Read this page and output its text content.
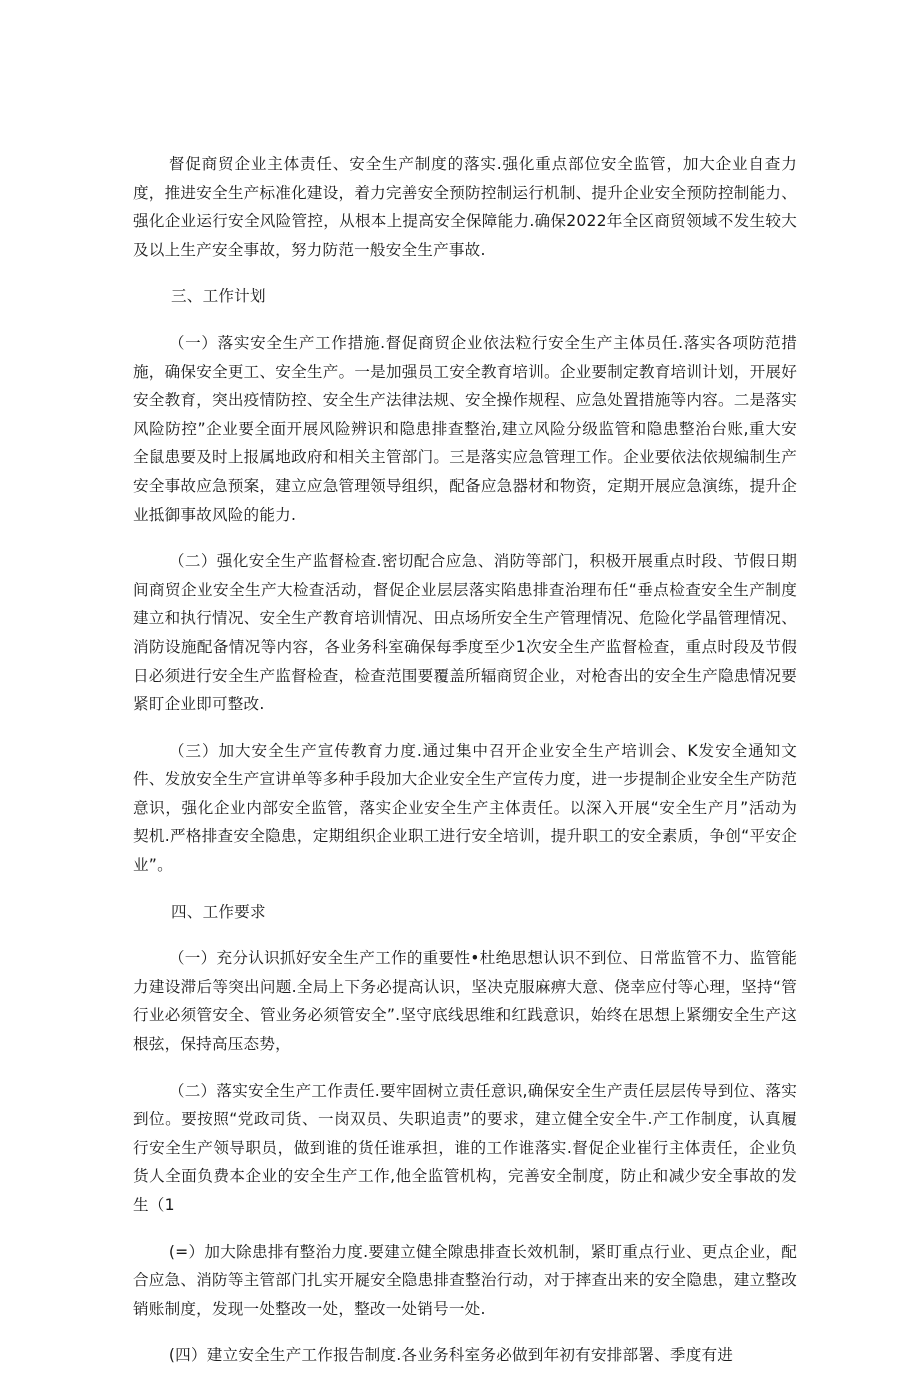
督促商贸企业主体责任、安全生产制度的落实.强化重点部位安全监管，加大企业自查力度，推进安全生产标准化建设，着力完善安全预防控制运行机制、提升企业安全预防控制能力、强化企业运行安全风险管控，从根本上提高安全保障能力.确保2022年全区商贸领域不发生较大及以上生产安全事故，努力防范一般安全生产事故.

三、工作计划

（一）落实安全生产工作措施.督促商贸企业依法粒行安全生产主体员任.落实各项防范措施，确保安全更工、安全生产。一是加强员工安全教育培训。企业要制定教育培训计划，开展好安全教育，突出疫情防控、安全生产法律法规、安全操作规程、应急处置措施等内容。二是落实风险防控”企业要全面开展风险辨识和隐患排查整治,建立风险分级监管和隐患整治台账,重大安全鼠患要及时上报属地政府和相关主管部门。三是落实应急管理工作。企业要依法依规编制生产安全事故应急预案，建立应急管理领导组织，配备应急器材和物资，定期开展应急演练，提升企业抵御事故风险的能力.

（二）强化安全生产监督检查.密切配合应急、消防等部门，积极开展重点时段、节假日期间商贸企业安全生产大检查活动，督促企业层层落实陷患排查治理布任“垂点检查安全生产制度建立和执行情况、安全生产教育培训情况、田点场所安全生产管理情况、危险化学晶管理情况、消防设施配备情况等内容，各业务科室确保每季度至少1次安全生产监督检查，重点时段及节假日必须进行安全生产监督检查，检查范围要覆盖所辐商贸企业，对枪杳出的安全生产隐患情况要紧盯企业即可整改.

（三）加大安全生产宣传教育力度.通过集中召开企业安全生产培训会、K发安全通知文件、发放安全生产宣讲单等多种手段加大企业安全生产宣传力度，进一步提制企业安全生产防范意识，强化企业内部安全监管，落实企业安全生产主体责任。以深入开展“安全生产月”活动为契机.严格排查安全隐患，定期组织企业职工进行安全培训，提升职工的安全素质，争创“平安企业”。

四、工作要求

（一）充分认识抓好安全生产工作的重要性•杜绝思想认识不到位、日常监管不力、监管能力建设滞后等突出问题.全局上下务必提高认识，坚决克服麻痹大意、侥幸应付等心理，坚持“管行业必须管安全、管业务必须管安全”.坚守底线思维和红践意识，始终在思想上紧绷安全生产这根弦，保持高压态势，

（二）落实安全生产工作责任.要牢固树立责任意识,确保安全生产责任层层传导到位、落实到位。要按照“党政司货、一岗双员、失职追责”的要求，建立健全安全牛.产工作制度，认真履行安全生产领导职员，做到谁的货任谁承担，谁的工作谁落实.督促企业崔行主体责任，企业负货人全面负费本企业的安全生产工作,他全监管机构，完善安全制度，防止和减少安全事故的发生（1

(=）加大除患排有整治力度.要建立健全隙患排查长效机制，紧盯重点行业、更点企业，配合应急、消防等主管部门扎实开屣安全隐患排查整治行动，对于摔查出来的安全隐患，建立整改销账制度，发现一处整改一处，整改一处销号一处.

(四）建立安全生产工作报告制度.各业务科室务必做到年初有安排部署、季度有进
